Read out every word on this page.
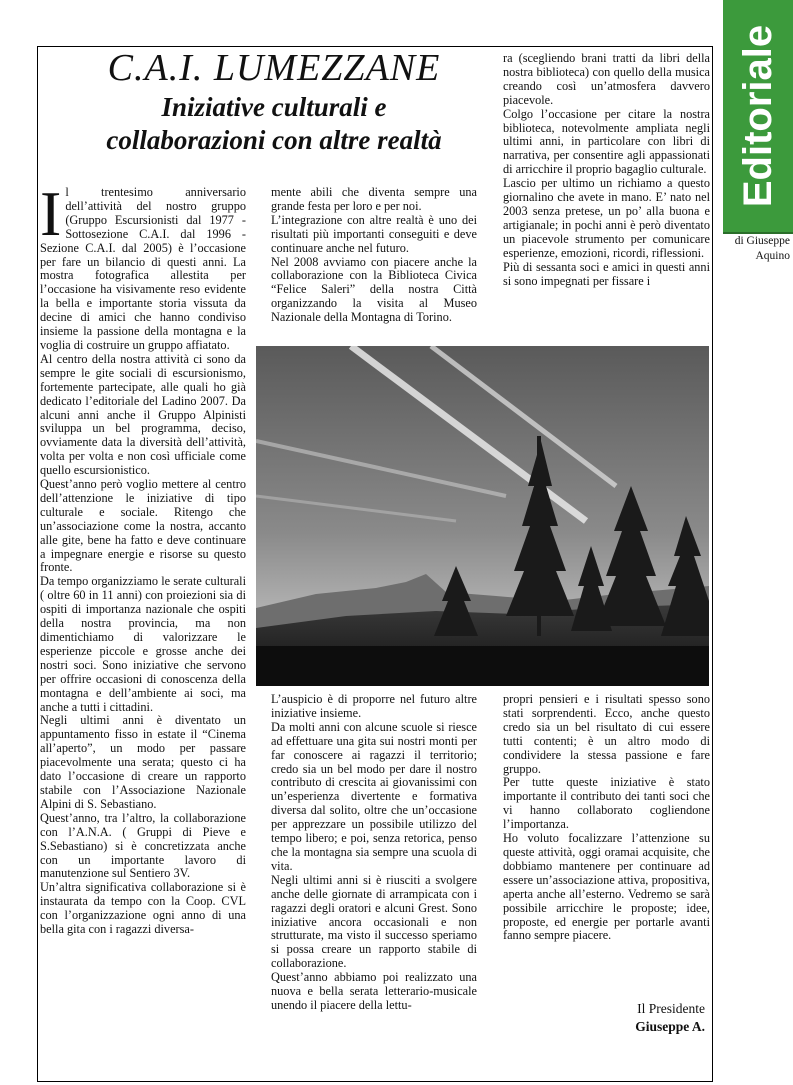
Editoriale
di Giuseppe
Aquino
C.A.I. LUMEZZANE
Iniziative culturali e
collaborazioni con altre realtà
I l trentesimo anniversario dell’attività del nostro gruppo (Gruppo Escursionisti dal 1977 - Sottosezione C.A.I. dal 1996 - Sezione C.A.I. dal 2005) è l’occasione per fare un bilancio di questi anni. La mostra fotografica allestita per l’occasione ha visivamente reso evidente la bella e importante storia vissuta da decine di amici che hanno condiviso insieme la passione della montagna e la voglia di costruire un gruppo affiatato.

Al centro della nostra attività ci sono da sempre le gite sociali di escursionismo, fortemente partecipate, alle quali ho già dedicato l’editoriale del Ladino 2007. Da alcuni anni anche il Gruppo Alpinisti sviluppa un bel programma, deciso, ovviamente data la diversità dell’attività, volta per volta e non così ufficiale come quello escursionistico.

Quest’anno però voglio mettere al centro dell’attenzione le iniziative di tipo culturale e sociale. Ritengo che un’associazione come la nostra, accanto alle gite, bene ha fatto e deve continuare a impegnare energie e risorse su questo fronte.

Da tempo organizziamo le serate culturali ( oltre 60 in 11 anni) con proiezioni sia di ospiti di importanza nazionale che ospiti della nostra provincia, ma non dimentichiamo di valorizzare le esperienze piccole e grosse anche dei nostri soci. Sono iniziative che servono per offrire occasioni di conoscenza della montagna e dell’ambiente ai soci, ma anche a tutti i cittadini.

Negli ultimi anni è diventato un appuntamento fisso in estate il “Cinema all’aperto”, un modo per passare piacevolmente una serata; questo ci ha dato l’occasione di creare un rapporto stabile con l’Associazione Nazionale Alpini di S. Sebastiano.

Quest’anno, tra l’altro, la collaborazione con l’A.N.A. ( Gruppi di Pieve e S.Sebastiano) si è concretizzata anche con un importante lavoro di manutenzione sul Sentiero 3V.

Un’altra significativa collaborazione si è instaurata da tempo con la Coop. CVL con l’organizzazione ogni anno di una bella gita con i ragazzi diversa-

mente abili che diventa sempre una grande festa per loro e per noi.

L’integrazione con altre realtà è uno dei risultati più importanti conseguiti e deve continuare anche nel futuro.

Nel 2008 avviamo con piacere anche la collaborazione con la Biblioteca Civica “Felice Saleri” della nostra Città organizzando la visita al Museo Nazionale della Montagna di Torino.

ra (scegliendo brani tratti da libri della nostra biblioteca) con quello della musica creando così un’atmosfera davvero piacevole.

Colgo l’occasione per citare la nostra biblioteca, notevolmente ampliata negli ultimi anni, in particolare con libri di narrativa, per consentire agli appassionati di arricchire il proprio bagaglio culturale.

Lascio per ultimo un richiamo a questo giornalino che avete in mano. E’ nato nel 2003 senza pretese, un po’ alla buona e artigianale; in pochi anni è però diventato un piacevole strumento per comunicare esperienze, emozioni, ricordi, riflessioni.

Più di sessanta soci e amici in questi anni si sono impegnati per fissare i

L’auspicio è di proporre nel futuro altre iniziative insieme.

Da molti anni con alcune scuole si riesce ad effettuare una gita sui nostri monti per far conoscere ai ragazzi il territorio; credo sia un bel modo per dare il nostro contributo di crescita ai giovanissimi con un’esperienza divertente e formativa diversa dal solito, oltre che un’occasione per apprezzare un possibile utilizzo del tempo libero; e poi, senza retorica, penso che la montagna sia sempre una scuola di vita.

Negli ultimi anni si è riusciti a svolgere anche delle giornate di arrampicata con i ragazzi degli oratori e alcuni Grest. Sono iniziative ancora occasionali e non strutturate, ma visto il successo speriamo si possa creare un rapporto stabile di collaborazione.

Quest’anno abbiamo poi realizzato una nuova e bella serata letterario-musicale unendo il piacere della lettu-

propri pensieri e i risultati spesso sono stati sorprendenti. Ecco, anche questo credo sia un bel risultato di cui essere tutti contenti; è un altro modo di condividere la stessa passione e fare gruppo.

Per tutte queste iniziative è stato importante il contributo dei tanti soci che vi hanno collaborato cogliendone l’importanza.

Ho voluto focalizzare l’attenzione su queste attività, oggi oramai acquisite, che dobbiamo mantenere per continuare ad essere un’associazione attiva, propositiva, aperta anche all’esterno. Vedremo se sarà possibile arricchire le proposte; idee, proposte, ed energie per portarle avanti fanno sempre piacere.

Il Presidente
Giuseppe A.
